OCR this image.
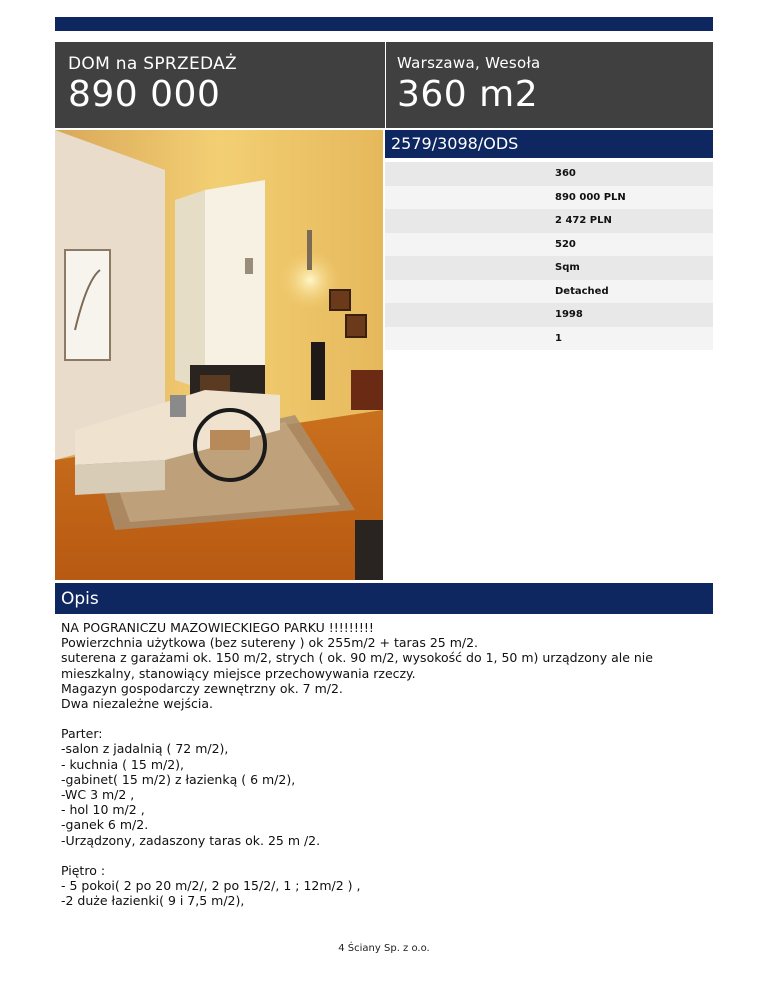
DOM na SPRZEDAŻ
890 000
Warszawa, Wesoła
360 m2
2579/3098/ODS
360
890 000 PLN
2 472 PLN
520
Sqm
Detached
1998
1
Opis

NA POGRANICZU MAZOWIECKIEGO PARKU !!!!!!!!!
Powierzchnia użytkowa (bez sutereny ) ok 255m/2 + taras 25 m/2.
suterena z garażami ok. 150 m/2, strych ( ok. 90 m/2, wysokość do 1, 50 m) urządzony ale nie
mieszkalny, stanowiący miejsce przechowywania rzeczy.
Magazyn gospodarczy zewnętrzny ok. 7 m/2.
Dwa niezależne wejścia.

Parter:
-salon z jadalnią ( 72 m/2),
- kuchnia ( 15 m/2),
-gabinet( 15 m/2) z łazienką ( 6 m/2),
-WC 3 m/2 ,
- hol 10 m/2 ,
-ganek 6 m/2.
-Urządzony, zadaszony taras ok. 25 m /2.

Piętro :
- 5 pokoi( 2 po 20 m/2/, 2 po 15/2/, 1 ; 12m/2 ) ,
-2 duże łazienki( 9 i 7,5 m/2),

4 Ściany Sp. z o.o.
